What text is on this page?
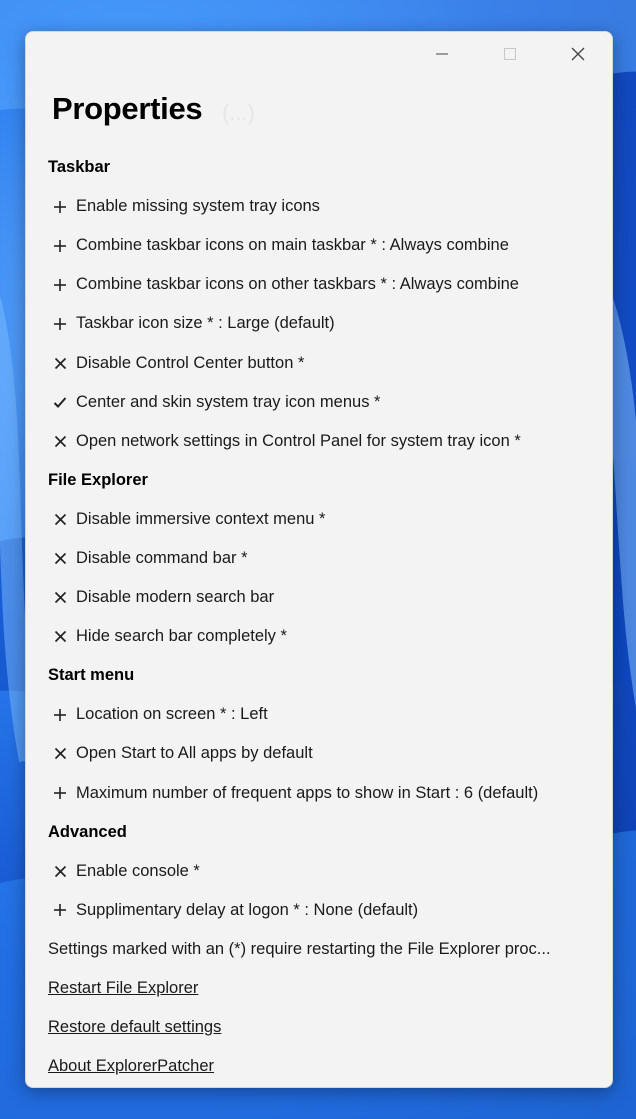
Properties (...)
Taskbar
Enable missing system tray icons
Combine taskbar icons on main taskbar * : Always combine
Combine taskbar icons on other taskbars * : Always combine
Taskbar icon size * : Large (default)
Disable Control Center button *
Center and skin system tray icon menus *
Open network settings in Control Panel for system tray icon *
File Explorer
Disable immersive context menu *
Disable command bar *
Disable modern search bar
Hide search bar completely *
Start menu
Location on screen * : Left
Open Start to All apps by default
Maximum number of frequent apps to show in Start : 6 (default)
Advanced
Enable console *
Supplimentary delay at logon * : None (default)
Settings marked with an (*) require restarting the File Explorer proc...
Restart File Explorer
Restore default settings
About ExplorerPatcher
